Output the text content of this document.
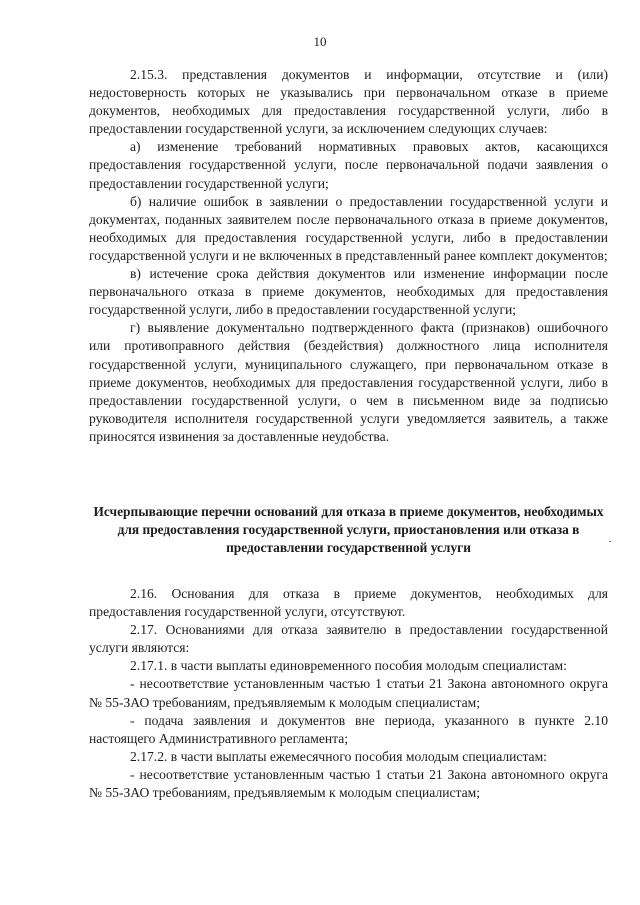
10

2.15.3. представления документов и информации, отсутствие и (или) недостоверность которых не указывались при первоначальном отказе в приеме документов, необходимых для предоставления государственной услуги, либо в предоставлении государственной услуги, за исключением следующих случаев:

а) изменение требований нормативных правовых актов, касающихся предоставления государственной услуги, после первоначальной подачи заявления о предоставлении государственной услуги;

б) наличие ошибок в заявлении о предоставлении государственной услуги и документах, поданных заявителем после первоначального отказа в приеме документов, необходимых для предоставления государственной услуги, либо в предоставлении государственной услуги и не включенных в представленный ранее комплект документов;

в) истечение срока действия документов или изменение информации после первоначального отказа в приеме документов, необходимых для предоставления государственной услуги, либо в предоставлении государственной услуги;

г) выявление документально подтвержденного факта (признаков) ошибочного или противоправного действия (бездействия) должностного лица исполнителя государственной услуги, муниципального служащего, при первоначальном отказе в приеме документов, необходимых для предоставления государственной услуги, либо в предоставлении государственной услуги, о чем в письменном виде за подписью руководителя исполнителя государственной услуги уведомляется заявитель, а также приносятся извинения за доставленные неудобства.

Исчерпывающие перечни оснований для отказа в приеме документов, необходимых для предоставления государственной услуги, приостановления или отказа в предоставлении государственной услуги

2.16. Основания для отказа в приеме документов, необходимых для предоставления государственной услуги, отсутствуют.

2.17. Основаниями для отказа заявителю в предоставлении государственной услуги являются:

2.17.1. в части выплаты единовременного пособия молодым специалистам:

- несоответствие установленным частью 1 статьи 21 Закона автономного округа № 55-ЗАО требованиям, предъявляемым к молодым специалистам;

- подача заявления и документов вне периода, указанного в пункте 2.10 настоящего Административного регламента;

2.17.2. в части выплаты ежемесячного пособия молодым специалистам:

- несоответствие установленным частью 1 статьи 21 Закона автономного округа № 55-ЗАО требованиям, предъявляемым к молодым специалистам;
